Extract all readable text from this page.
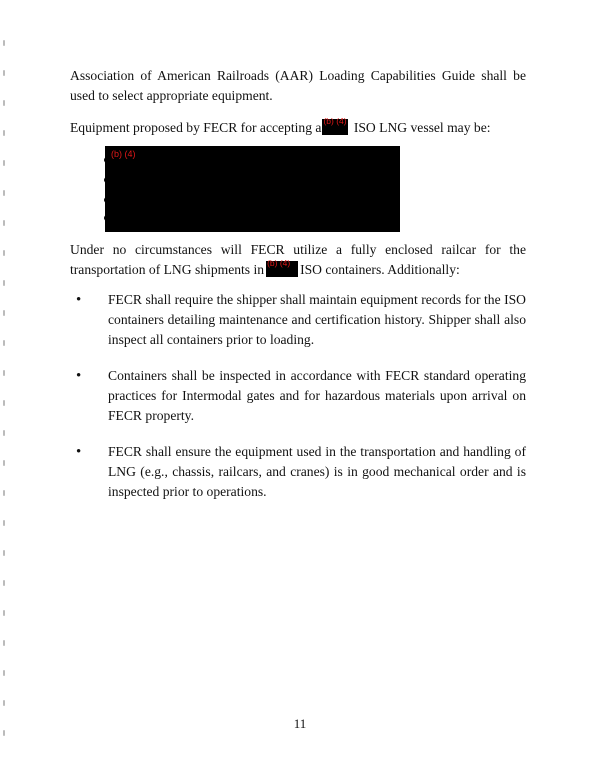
Association of American Railroads (AAR) Loading Capabilities Guide shall be used to select appropriate equipment.

Equipment proposed by FECR for accepting a (b) (4) ISO LNG vessel may be:

(b) (4)

Under no circumstances will FECR utilize a fully enclosed railcar for the transportation of LNG shipments in (b) (4) ISO containers. Additionally:

• FECR shall require the shipper shall maintain equipment records for the ISO containers detailing maintenance and certification history. Shipper shall also inspect all containers prior to loading.
• Containers shall be inspected in accordance with FECR standard operating practices for Intermodal gates and for hazardous materials upon arrival on FECR property.
• FECR shall ensure the equipment used in the transportation and handling of LNG (e.g., chassis, railcars, and cranes) is in good mechanical order and is inspected prior to operations.
11
